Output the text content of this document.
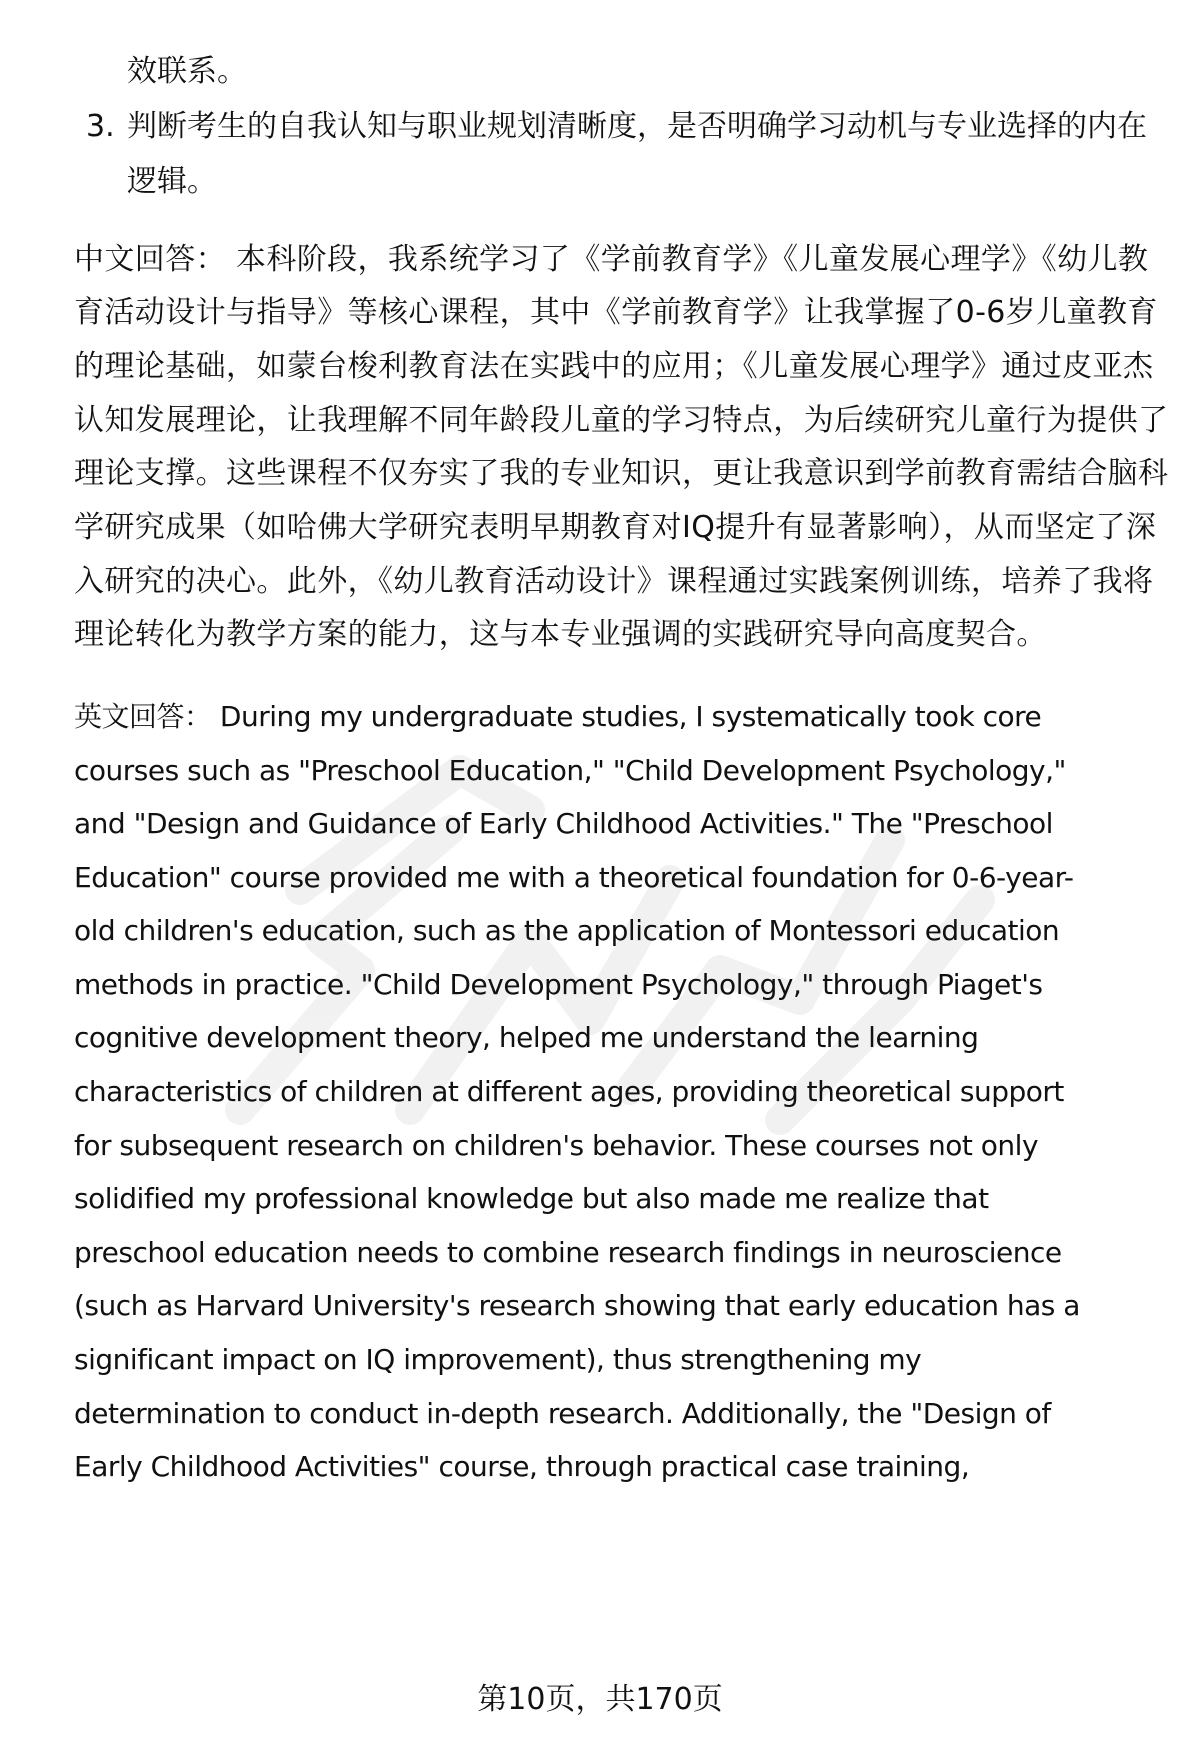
效联系。
3. 判断考生的自我认知与职业规划清晰度，是否明确学习动机与专业选择的内在
逻辑。
中文回答： 本科阶段，我系统学习了《学前教育学》《儿童发展心理学》《幼儿教
育活动设计与指导》等核心课程，其中《学前教育学》让我掌握了0-6岁儿童教育
的理论基础，如蒙台梭利教育法在实践中的应用；《儿童发展心理学》通过皮亚杰
认知发展理论，让我理解不同年龄段儿童的学习特点，为后续研究儿童行为提供了
理论支撑。这些课程不仅夯实了我的专业知识，更让我意识到学前教育需结合脑科
学研究成果（如哈佛大学研究表明早期教育对IQ提升有显著影响），从而坚定了深
入研究的决心。此外，《幼儿教育活动设计》课程通过实践案例训练，培养了我将
理论转化为教学方案的能力，这与本专业强调的实践研究导向高度契合。
英文回答： During my undergraduate studies, I systematically took core
courses such as "Preschool Education," "Child Development Psychology,"
and "Design and Guidance of Early Childhood Activities." The "Preschool
Education" course provided me with a theoretical foundation for 0-6-year-
old children's education, such as the application of Montessori education
methods in practice. "Child Development Psychology," through Piaget's
cognitive development theory, helped me understand the learning
characteristics of children at different ages, providing theoretical support
for subsequent research on children's behavior. These courses not only
solidified my professional knowledge but also made me realize that
preschool education needs to combine research findings in neuroscience
(such as Harvard University's research showing that early education has a
significant impact on IQ improvement), thus strengthening my
determination to conduct in-depth research. Additionally, the "Design of
Early Childhood Activities" course, through practical case training,
第10页，共170页
